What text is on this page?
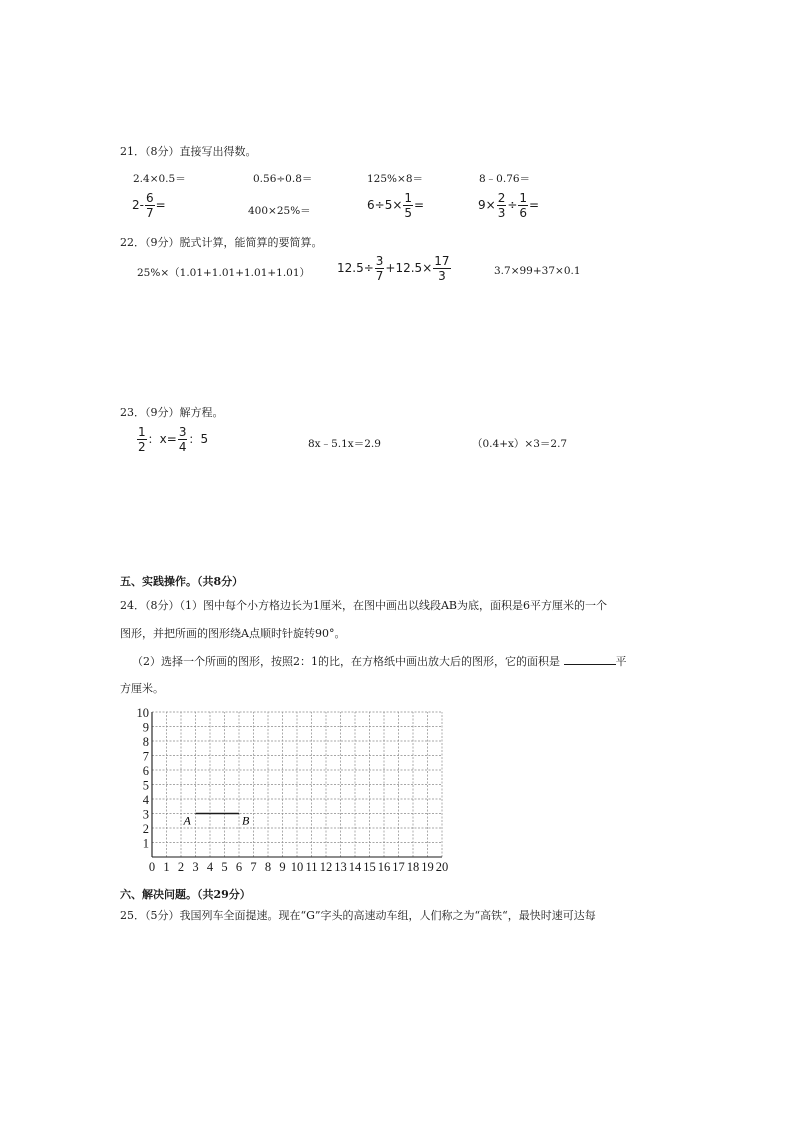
21．（8分）直接写出得数。
2.4×0.5＝	0.56÷0.8＝	125%×8＝	8﹣0.76＝
$2- \frac{6}{7}$ =	400×25%＝	$6\div 5\times \frac{1}{5}$ =	$9\times \frac{2}{3} \div \frac{1}{6}$ =
22．（9分）脱式计算，能简算的要简算。
25%×（1.01+1.01+1.01+1.01） $12.5\div \frac{3}{7} +12.5\times \frac{17}{3}$	3.7×99+37×0.1
23．（9分）解方程。
$\frac{1}{2}$ ：$x= \frac{3}{4}$ ：5	8x﹣5.1x＝2.9	（0.4+x）×3＝2.7
五、实践操作。（共8分）
24．（8分）（1）图中每个小方格边长为1厘米，在图中画出以线段AB为底，面积是6平方厘米的一个
图形，并把所画的图形绕A点顺时针旋转90°。
（2）选择一个所画的图形，按照2：1的比，在方格纸中画出放大后的图形，它的面积是	平
方厘米。
0 1 2 3 4 5 6 7 8 9 10 11 12 13 14 15 16 17 18 19 20
1
2
3
4
5
6
7
8
9
10
A	B
六、解决问题。（共29分）
25．（5分）我国列车全面提速。现在“G”字头的高速动车组，人们称之为“高铁“，最快时速可达每
